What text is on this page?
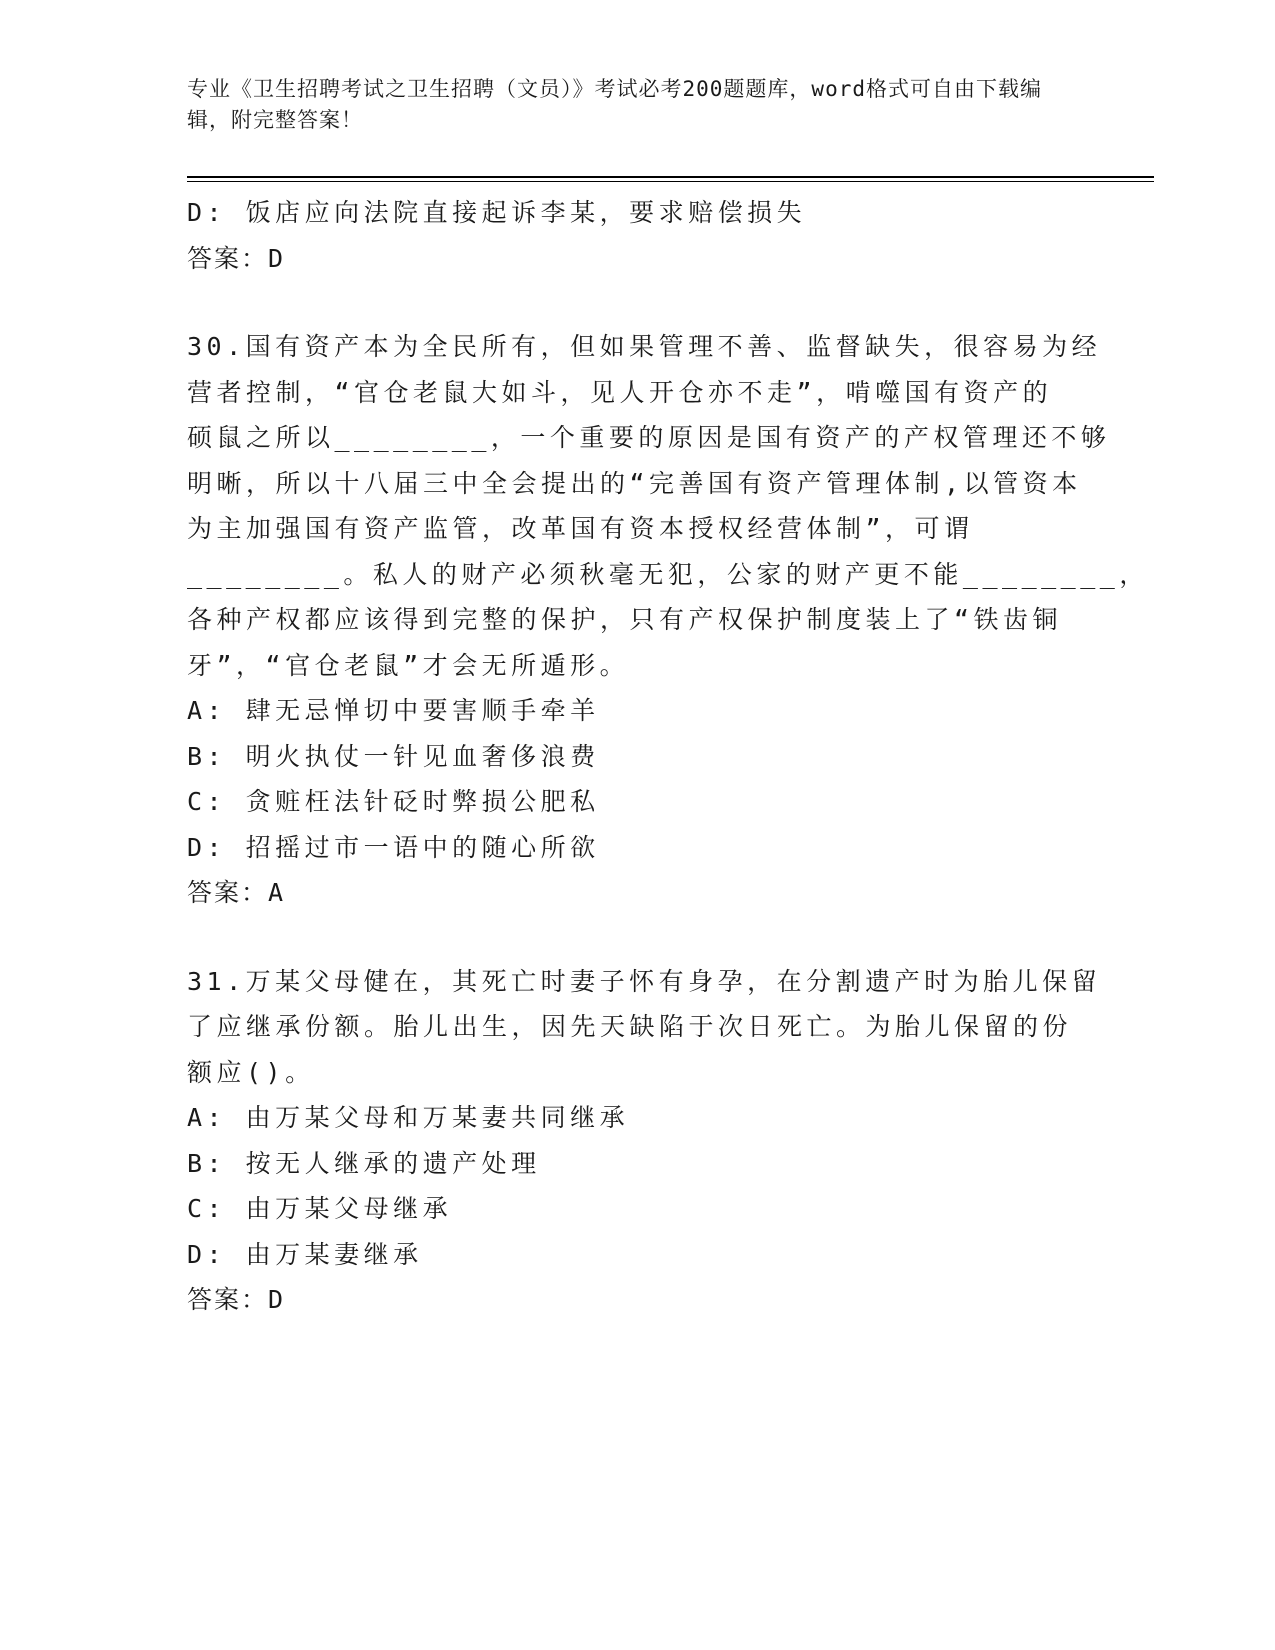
专业《卫生招聘考试之卫生招聘（文员）》考试必考200题题库，word格式可自由下载编辑，附完整答案！
D: 饭店应向法院直接起诉李某，要求赔偿损失
答案：D
30.国有资产本为全民所有，但如果管理不善、监督缺失，很容易为经
营者控制，“官仓老鼠大如斗，见人开仓亦不走”，啃噬国有资产的
硕鼠之所以________，一个重要的原因是国有资产的产权管理还不够
明晰，所以十八届三中全会提出的“完善国有资产管理体制,以管资本
为主加强国有资产监管，改革国有资本授权经营体制”，可谓
________。私人的财产必须秋毫无犯，公家的财产更不能________，
各种产权都应该得到完整的保护，只有产权保护制度装上了“铁齿铜
牙”，“官仓老鼠”才会无所遁形。
A: 肆无忌惮切中要害顺手牵羊
B: 明火执仗一针见血奢侈浪费
C: 贪赃枉法针砭时弊损公肥私
D: 招摇过市一语中的随心所欲
答案：A
31.万某父母健在，其死亡时妻子怀有身孕，在分割遗产时为胎儿保留
了应继承份额。胎儿出生，因先天缺陷于次日死亡。为胎儿保留的份
额应()。
A: 由万某父母和万某妻共同继承
B: 按无人继承的遗产处理
C: 由万某父母继承
D: 由万某妻继承
答案：D
